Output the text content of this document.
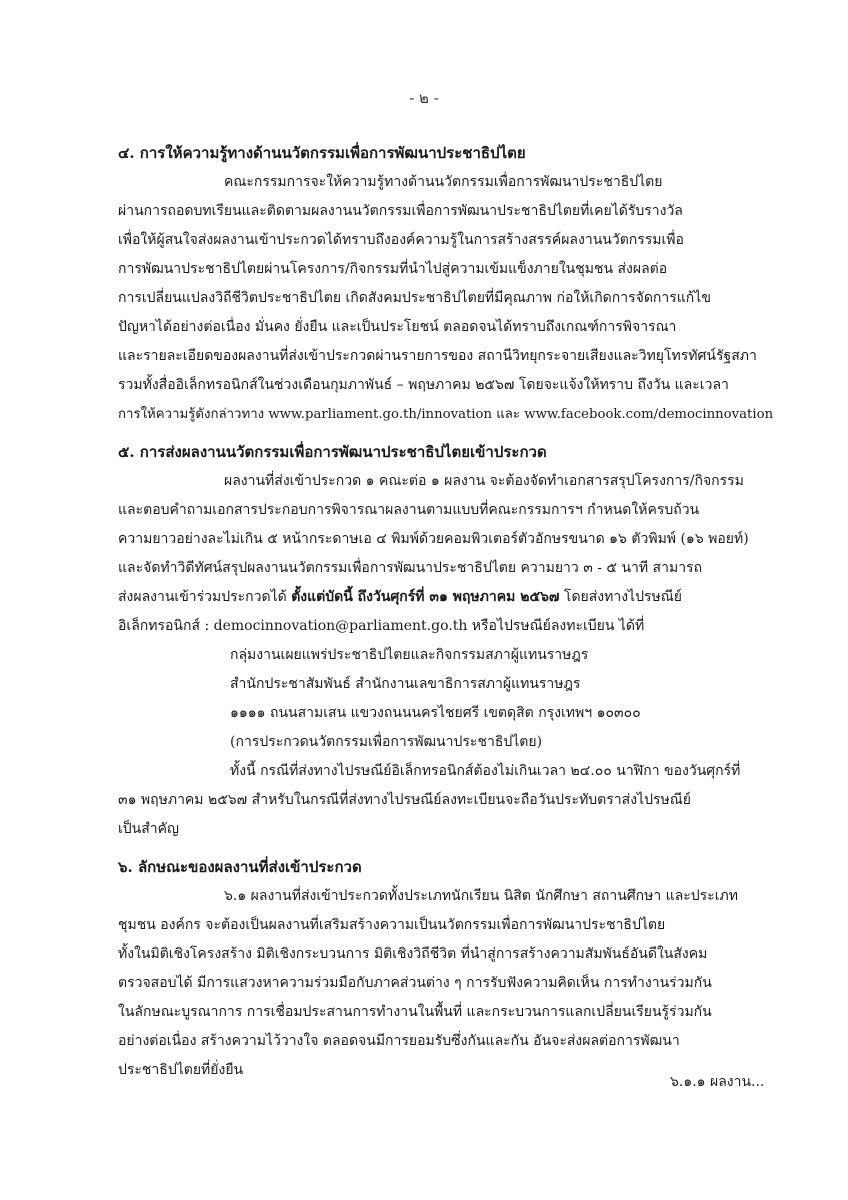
- ๒ -
๔. การให้ความรู้ทางด้านนวัตกรรมเพื่อการพัฒนาประชาธิปไตย
คณะกรรมการจะให้ความรู้ทางด้านนวัตกรรมเพื่อการพัฒนาประชาธิปไตย
ผ่านการถอดบทเรียนและติดตามผลงานนวัตกรรมเพื่อการพัฒนาประชาธิปไตยที่เคยได้รับรางวัล
เพื่อให้ผู้สนใจส่งผลงานเข้าประกวดได้ทราบถึงองค์ความรู้ในการสร้างสรรค์ผลงานนวัตกรรมเพื่อ
การพัฒนาประชาธิปไตยผ่านโครงการ/กิจกรรมที่นำไปสู่ความเข้มแข็งภายในชุมชน ส่งผลต่อ
การเปลี่ยนแปลงวิถีชีวิตประชาธิปไตย เกิดสังคมประชาธิปไตยที่มีคุณภาพ ก่อให้เกิดการจัดการแก้ไข
ปัญหาได้อย่างต่อเนื่อง มั่นคง ยั่งยืน และเป็นประโยชน์ ตลอดจนได้ทราบถึงเกณฑ์การพิจารณา
และรายละเอียดของผลงานที่ส่งเข้าประกวดผ่านรายการของ สถานีวิทยุกระจายเสียงและวิทยุโทรทัศน์รัฐสภา
รวมทั้งสื่ออิเล็กทรอนิกส์ในช่วงเดือนกุมภาพันธ์ – พฤษภาคม ๒๕๖๗ โดยจะแจ้งให้ทราบ ถึงวัน และเวลา
การให้ความรู้ดังกล่าวทาง www.parliament.go.th/innovation และ www.facebook.com/democinnovation
๕. การส่งผลงานนวัตกรรมเพื่อการพัฒนาประชาธิปไตยเข้าประกวด
ผลงานที่ส่งเข้าประกวด ๑ คณะต่อ ๑ ผลงาน จะต้องจัดทำเอกสารสรุปโครงการ/กิจกรรม
และตอบคำถามเอกสารประกอบการพิจารณาผลงานตามแบบที่คณะกรรมการฯ กำหนดให้ครบถ้วน
ความยาวอย่างละไม่เกิน ๕ หน้ากระดาษเอ ๔ พิมพ์ด้วยคอมพิวเตอร์ตัวอักษรขนาด ๑๖ ตัวพิมพ์ (๑๖ พอยท์)
และจัดทำวิดีทัศน์สรุปผลงานนวัตกรรมเพื่อการพัฒนาประชาธิปไตย ความยาว ๓ - ๕ นาที สามารถ
ส่งผลงานเข้าร่วมประกวดได้ ตั้งแต่บัดนี้ ถึงวันศุกร์ที่ ๓๑ พฤษภาคม ๒๕๖๗ โดยส่งทางไปรษณีย์
อิเล็กทรอนิกส์ : democinnovation@parliament.go.th หรือไปรษณีย์ลงทะเบียน ได้ที่
กลุ่มงานเผยแพร่ประชาธิปไตยและกิจกรรมสภาผู้แทนราษฎร
สำนักประชาสัมพันธ์ สำนักงานเลขาธิการสภาผู้แทนราษฎร
๑๑๑๑ ถนนสามเสน แขวงถนนนครไชยศรี เขตดุสิต กรุงเทพฯ ๑๐๓๐๐
(การประกวดนวัตกรรมเพื่อการพัฒนาประชาธิปไตย)
ทั้งนี้ กรณีที่ส่งทางไปรษณีย์อิเล็กทรอนิกส์ต้องไม่เกินเวลา ๒๔.๐๐ นาฬิกา ของวันศุกร์ที่
๓๑ พฤษภาคม ๒๕๖๗ สำหรับในกรณีที่ส่งทางไปรษณีย์ลงทะเบียนจะถือวันประทับตราส่งไปรษณีย์
เป็นสำคัญ
๖. ลักษณะของผลงานที่ส่งเข้าประกวด
๖.๑ ผลงานที่ส่งเข้าประกวดทั้งประเภทนักเรียน นิสิต นักศึกษา สถานศึกษา และประเภท
ชุมชน องค์กร จะต้องเป็นผลงานที่เสริมสร้างความเป็นนวัตกรรมเพื่อการพัฒนาประชาธิปไตย
ทั้งในมิติเชิงโครงสร้าง มิติเชิงกระบวนการ มิติเชิงวิถีชีวิต ที่นำสู่การสร้างความสัมพันธ์อันดีในสังคม
ตรวจสอบได้ มีการแสวงหาความร่วมมือกับภาคส่วนต่าง ๆ การรับฟังความคิดเห็น การทำงานร่วมกัน
ในลักษณะบูรณาการ การเชื่อมประสานการทำงานในพื้นที่ และกระบวนการแลกเปลี่ยนเรียนรู้ร่วมกัน
อย่างต่อเนื่อง สร้างความไว้วางใจ ตลอดจนมีการยอมรับซึ่งกันและกัน อันจะส่งผลต่อการพัฒนา
ประชาธิปไตยที่ยั่งยืน
๖.๑.๑ ผลงาน...
